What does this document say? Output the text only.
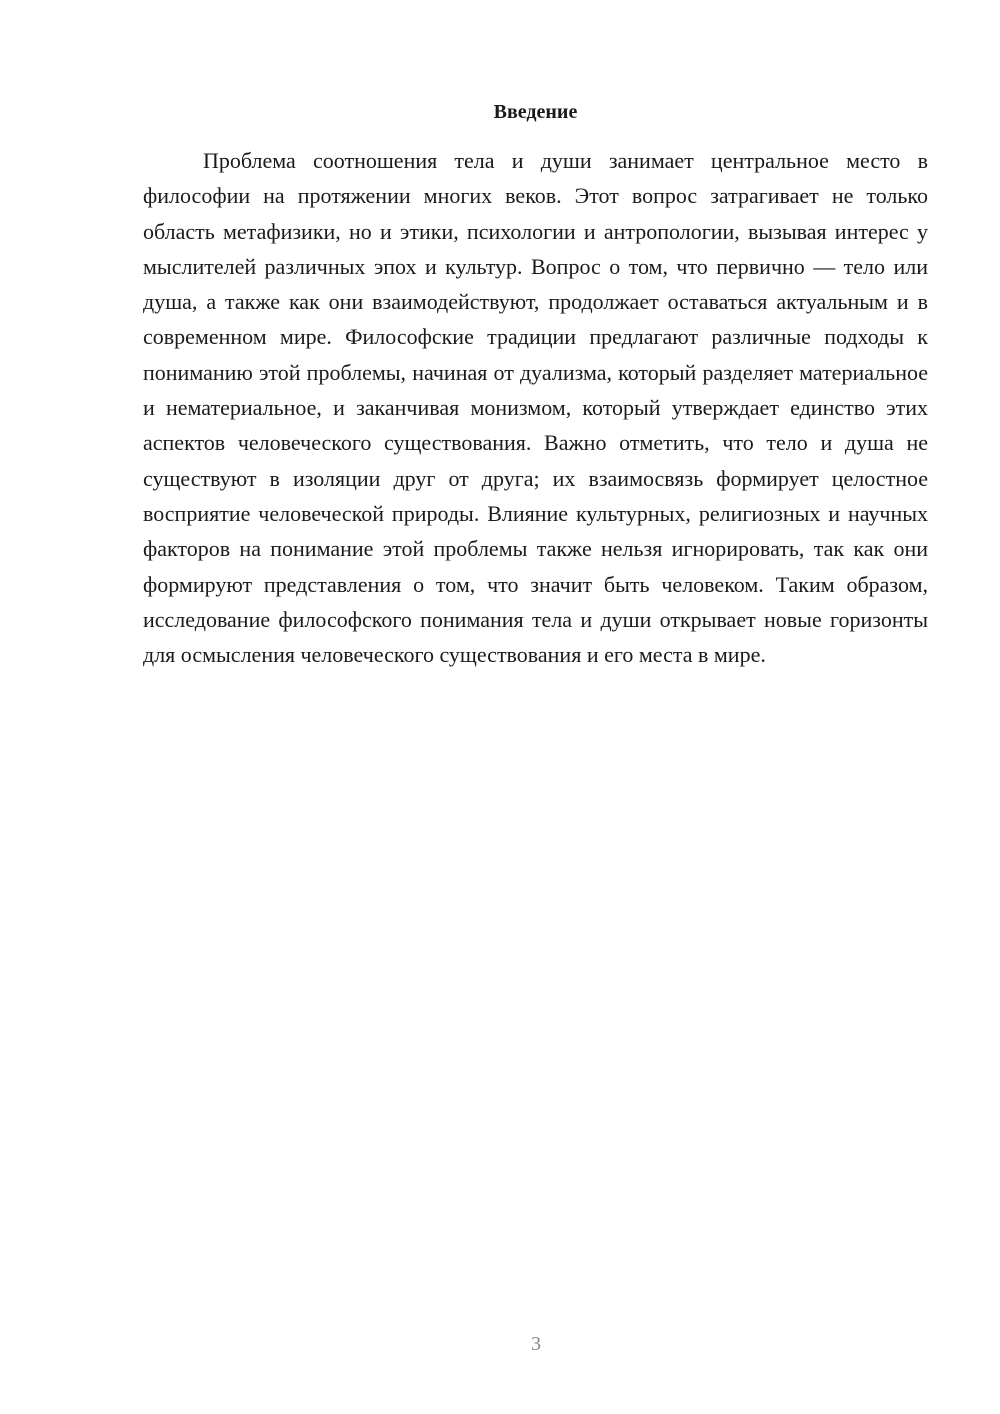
Введение

Проблема соотношения тела и души занимает центральное место в философии на протяжении многих веков. Этот вопрос затрагивает не только область метафизики, но и этики, психологии и антропологии, вызывая интерес у мыслителей различных эпох и культур. Вопрос о том, что первично — тело или душа, а также как они взаимодействуют, продолжает оставаться актуальным и в современном мире. Философские традиции предлагают различные подходы к пониманию этой проблемы, начиная от дуализма, который разделяет материальное и нематериальное, и заканчивая монизмом, который утверждает единство этих аспектов человеческого существования. Важно отметить, что тело и душа не существуют в изоляции друг от друга; их взаимосвязь формирует целостное восприятие человеческой природы. Влияние культурных, религиозных и научных факторов на понимание этой проблемы также нельзя игнорировать, так как они формируют представления о том, что значит быть человеком. Таким образом, исследование философского понимания тела и души открывает новые горизонты для осмысления человеческого существования и его места в мире.

3
